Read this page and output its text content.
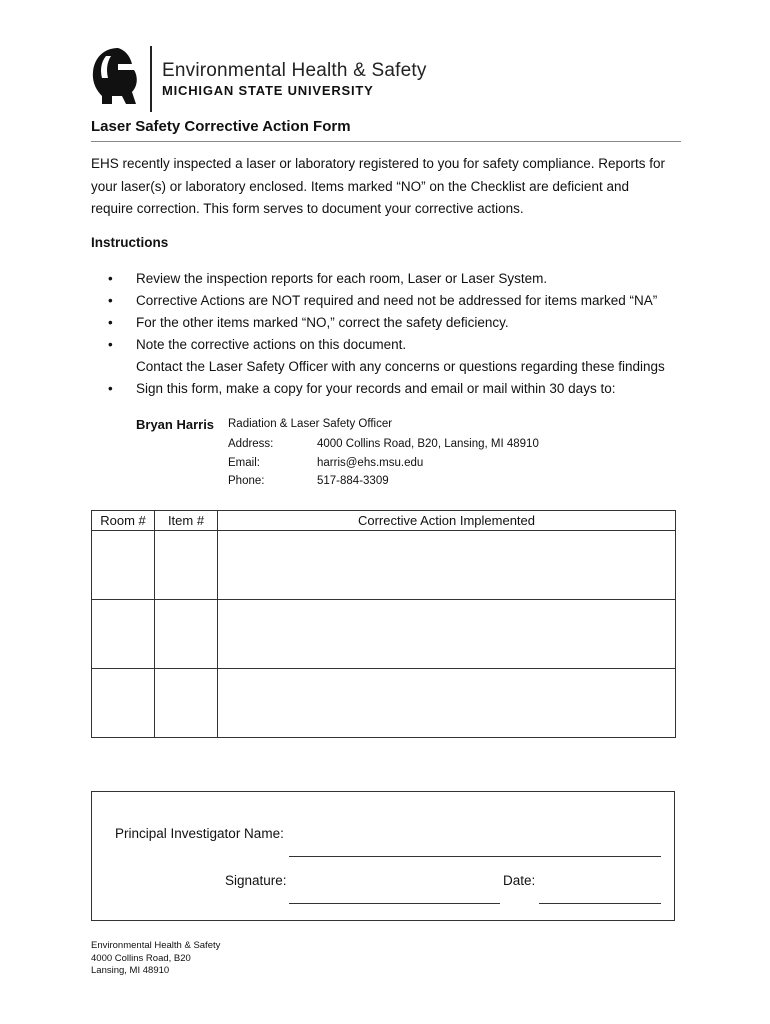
Environmental Health & Safety
MICHIGAN STATE UNIVERSITY
Laser Safety Corrective Action Form
EHS recently inspected a laser or laboratory registered to you for safety compliance. Reports for
your laser(s) or laboratory enclosed. Items marked “NO” on the Checklist are deficient and
require correction. This form serves to document your corrective actions.
Instructions
•	Review the inspection reports for each room, Laser or Laser System.
•	Corrective Actions are NOT required and need not be addressed for items marked “NA”
•	For the other items marked “NO,” correct the safety deficiency.
•	Note the corrective actions on this document.
Contact the Laser Safety Officer with any concerns or questions regarding these findings
•	Sign this form, make a copy for your records and email or mail within 30 days to:
Bryan Harris Radiation & Laser Safety Officer
Address:	4000 Collins Road, B20, Lansing, MI 48910
Email:	harris@ehs.msu.edu
Phone:	517-884-3309
Room #	Item #	Corrective Action Implemented

Principal Investigator Name:
Signature:	Date:
Environmental Health & Safety
4000 Collins Road, B20
Lansing, MI 48910
